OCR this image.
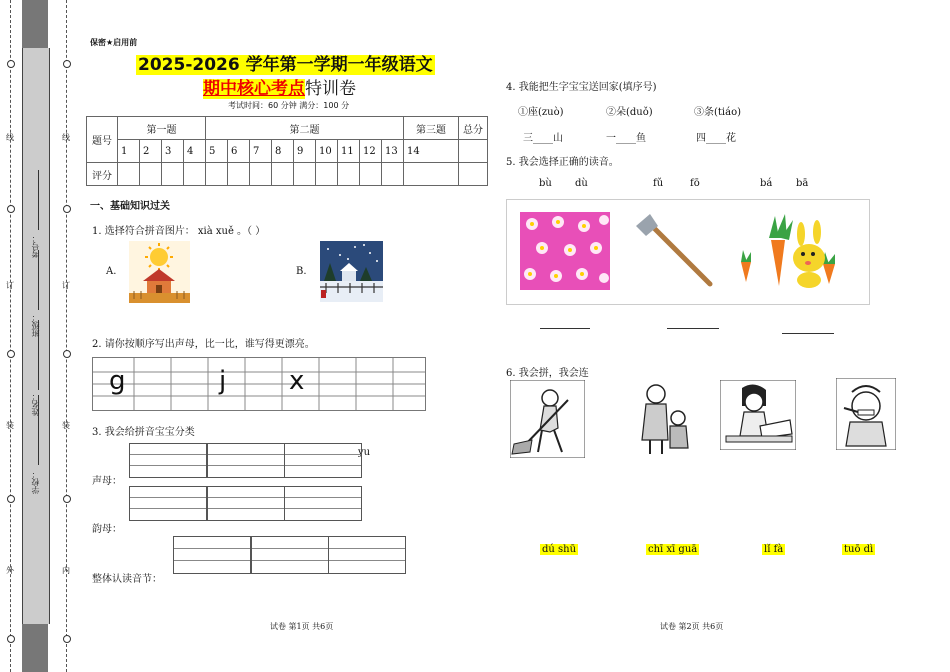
线
订
装
外
线
订
装
内
学校：
姓名：
班级：
考号：
保密★启用前
2025-2026 学年第一学期一年级语文
期中核心考点特训卷
考试时间：60 分钟 满分：100 分
题号	第一题				第二题									第三题	总分
	1	2	3	4	5	6	7	8	9	10	11	12	13	14	
评分															
一、基础知识过关
1. 选择符合拼音图片： xià xuě 。（ ）
A.	B.
2. 请你按顺序写出声母，比一比，谁写得更漂亮。
g	j x
3. 我会给拼音宝宝分类
yu
声母：
韵母：
整体认读音节：
试卷 第1页 共6页
4. 我能把生字宝宝送回家(填序号)
①座(zuò)	②朵(duǒ)	③条(tiáo)
三____山	一____鱼	四____花
5. 我会选择正确的读音。
bù dù	fǔ	fō	bá bā
6. 我会拼，我会连
dú shū	chī xī guā	lǐ fà	tuō dì
试卷 第2页 共6页
